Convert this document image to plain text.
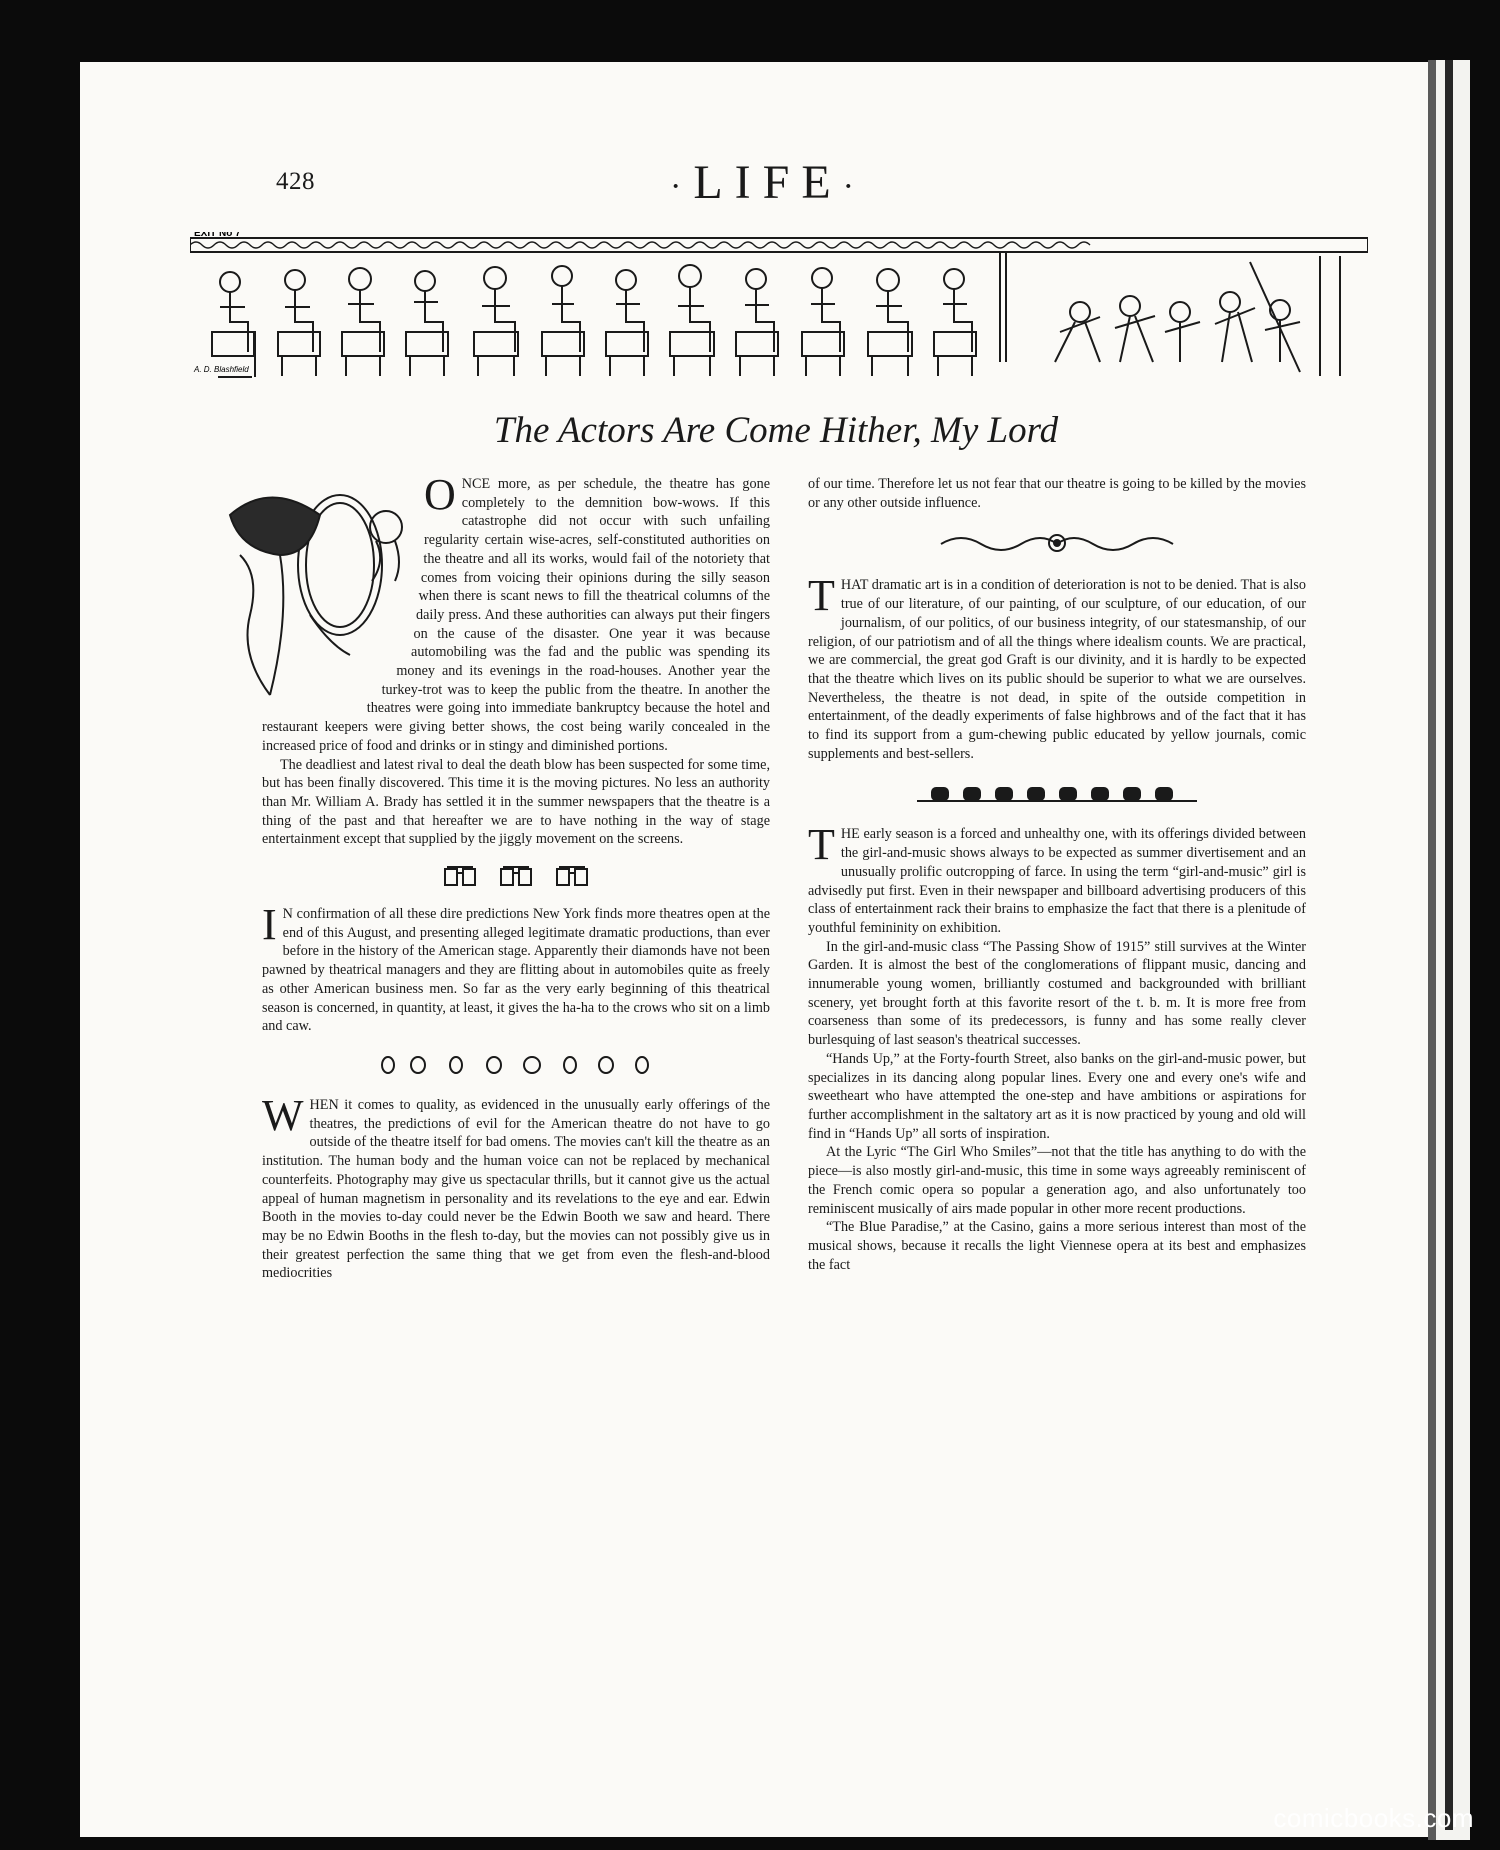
428
·	LIFE ·
EXIT No 7
A. D. Blashfield
The Actors Are Come Hither, My Lord

ONCE more, as per schedule, the theatre has gone completely to the demnition bow-wows. If this catastrophe did not occur with such unfailing regularity certain wise-acres, self-constituted authorities on the theatre and all its works, would fail of the notoriety that comes from voicing their opinions during the silly season when there is scant news to fill the theatrical columns of the daily press. And these authorities can always put their fingers on the cause of the disaster. One year it was because automobiling was the fad and the public was spending its money and its evenings in the road-houses. Another year the turkey-trot was to keep the public from the theatre. In another the theatres were going into immediate bankruptcy because the hotel and restaurant keepers were giving better shows, the cost being warily concealed in the increased price of food and drinks or in stingy and diminished portions.

The deadliest and latest rival to deal the death blow has been suspected for some time, but has been finally discovered. This time it is the moving pictures. No less an authority than Mr. William A. Brady has settled it in the summer newspapers that the theatre is a thing of the past and that hereafter we are to have nothing in the way of stage entertainment except that supplied by the jiggly movement on the screens.

I N confirmation of all these dire predictions New York finds more theatres open at the end of this August, and presenting alleged legitimate dramatic productions, than ever before in the history of the American stage. Apparently their diamonds have not been pawned by theatrical managers and they are flitting about in automobiles quite as freely as other American business men. So far as the very early beginning of this theatrical season is concerned, in quantity, at least, it gives the ha-ha to the crows who sit on a limb and caw.

WHEN it comes to quality, as evidenced in the unusually early offerings of the theatres, the predictions of evil for the American theatre do not have to go outside of the theatre itself for bad omens. The movies can't kill the theatre as an institution. The human body and the human voice can not be replaced by mechanical counterfeits. Photography may give us spectacular thrills, but it cannot give us the actual appeal of human magnetism in personality and its revelations to the eye and ear. Edwin Booth in the movies to-day could never be the Edwin Booth we saw and heard. There may be no Edwin Booths in the flesh to-day, but the movies can not possibly give us in their greatest perfection the same thing that we get from even the flesh-and-blood mediocrities

of our time. Therefore let us not fear that our theatre is going to be killed by the movies or any other outside influence.

THAT dramatic art is in a condition of deterioration is not to be denied. That is also true of our literature, of our painting, of our sculpture, of our education, of our journalism, of our politics, of our business integrity, of our statesmanship, of our religion, of our patriotism and of all the things where idealism counts. We are practical, we are commercial, the great god Graft is our divinity, and it is hardly to be expected that the theatre which lives on its public should be superior to what we are ourselves. Nevertheless, the theatre is not dead, in spite of the outside competition in entertainment, of the deadly experiments of false highbrows and of the fact that it has to find its support from a gum-chewing public educated by yellow journals, comic supplements and best-sellers.

THE early season is a forced and unhealthy one, with its offerings divided between the girl-and-music shows always to be expected as summer divertisement and an unusually prolific outcropping of farce. In using the term “girl-and-music” girl is advisedly put first. Even in their newspaper and billboard advertising producers of this class of entertainment rack their brains to emphasize the fact that there is a plenitude of youthful femininity on exhibition.

In the girl-and-music class “The Passing Show of 1915” still survives at the Winter Garden. It is almost the best of the conglomerations of flippant music, dancing and innumerable young women, brilliantly costumed and backgrounded with brilliant scenery, yet brought forth at this favorite resort of the t. b. m. It is more free from coarseness than some of its predecessors, is funny and has some really clever burlesquing of last season's theatrical successes.

“Hands Up,” at the Forty-fourth Street, also banks on the girl-and-music power, but specializes in its dancing along popular lines. Every one and every one's wife and sweetheart who have attempted the one-step and have ambitions or aspirations for further accomplishment in the saltatory art as it is now practiced by young and old will find in “Hands Up” all sorts of inspiration.

At the Lyric “The Girl Who Smiles”—not that the title has anything to do with the piece—is also mostly girl-and-music, this time in some ways agreeably reminiscent of the French comic opera so popular a generation ago, and also unfortunately too reminiscent musically of airs made popular in other more recent productions.

“The Blue Paradise,” at the Casino, gains a more serious interest than most of the musical shows, because it recalls the light Viennese opera at its best and emphasizes the fact

comicbooks.com
